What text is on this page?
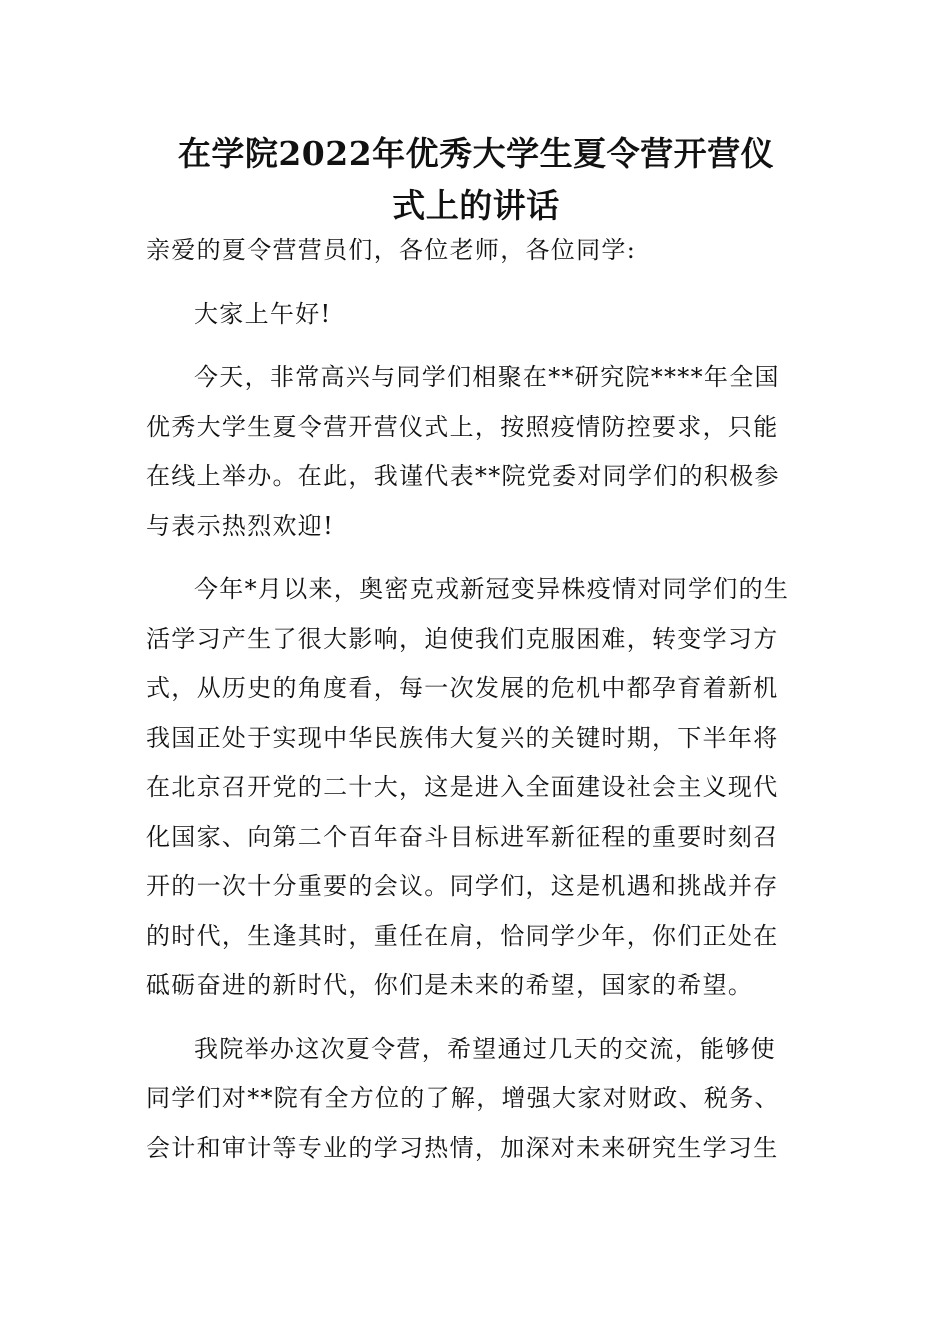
在学院2022年优秀大学生夏令营开营仪
式上的讲话

亲爱的夏令营营员们，各位老师，各位同学:

大家上午好!

今天，非常高兴与同学们相聚在**研究院****年全国
优秀大学生夏令营开营仪式上，按照疫情防控要求，只能
在线上举办。在此，我谨代表**院党委对同学们的积极参
与表示热烈欢迎!

今年*月以来，奥密克戎新冠变异株疫情对同学们的生
活学习产生了很大影响，迫使我们克服困难，转变学习方
式，从历史的角度看，每一次发展的危机中都孕育着新机
我国正处于实现中华民族伟大复兴的关键时期，下半年将
在北京召开党的二十大，这是进入全面建设社会主义现代
化国家、向第二个百年奋斗目标进军新征程的重要时刻召
开的一次十分重要的会议。同学们，这是机遇和挑战并存
的时代，生逢其时，重任在肩，恰同学少年，你们正处在
砥砺奋进的新时代，你们是未来的希望，国家的希望。

我院举办这次夏令营，希望通过几天的交流，能够使
同学们对**院有全方位的了解，增强大家对财政、税务、
会计和审计等专业的学习热情，加深对未来研究生学习生
